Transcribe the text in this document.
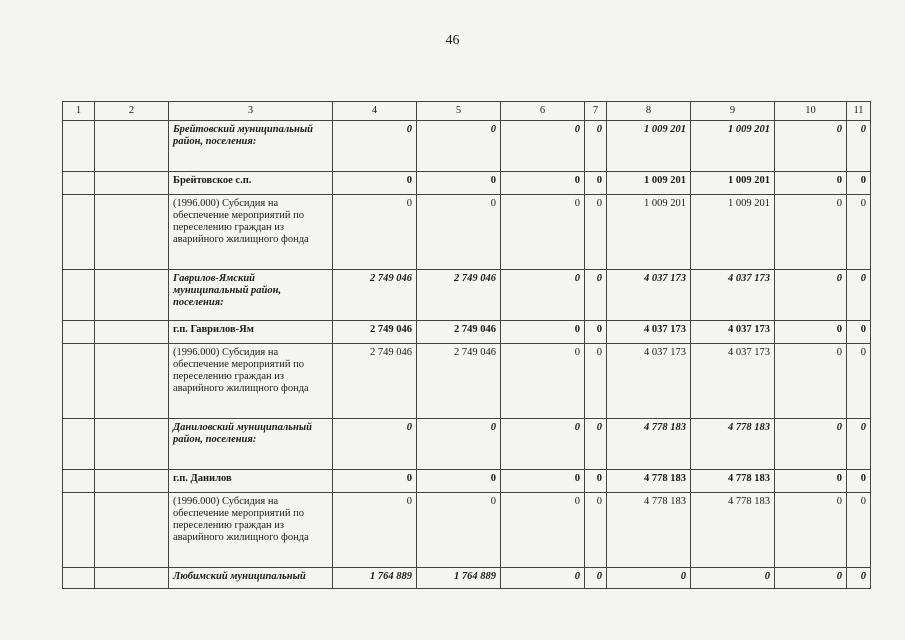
46
1	2	3	4	5	6	7	8	9	10	11
		Брейтовский муниципальный район, поселения:	0	0	0	0	1 009 201	1 009 201	0	0
		Брейтовское с.п.	0	0	0	0	1 009 201	1 009 201	0	0
		(1996.000) Субсидия на обеспечение мероприятий по переселению граждан из аварийного жилищного фонда	0	0	0	0	1 009 201	1 009 201	0	0
		Гаврилов-Ямский муниципальный район, поселения:	2 749 046	2 749 046	0	0	4 037 173	4 037 173	0	0
		г.п. Гаврилов-Ям	2 749 046	2 749 046	0	0	4 037 173	4 037 173	0	0
		(1996.000) Субсидия на обеспечение мероприятий по переселению граждан из аварийного жилищного фонда	2 749 046	2 749 046	0	0	4 037 173	4 037 173	0	0
		Даниловский муниципальный район, поселения:	0	0	0	0	4 778 183	4 778 183	0	0
		г.п. Данилов	0	0	0	0	4 778 183	4 778 183	0	0
		(1996.000) Субсидия на обеспечение мероприятий по переселению граждан из аварийного жилищного фонда	0	0	0	0	4 778 183	4 778 183	0	0
		Любимский муниципальный	1 764 889	1 764 889	0	0	0	0	0	0
